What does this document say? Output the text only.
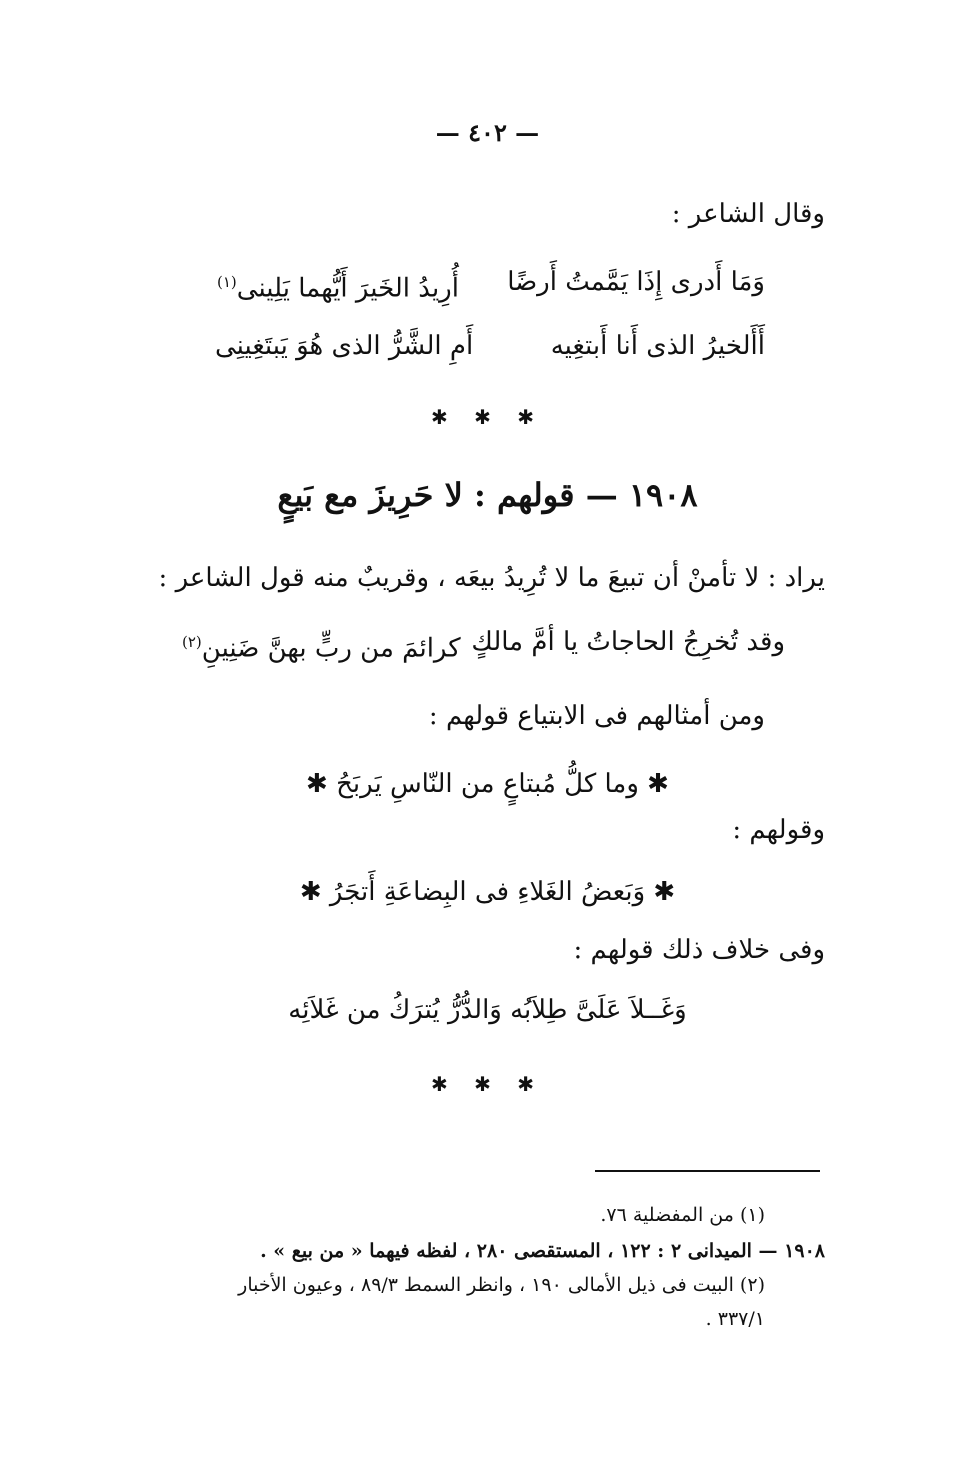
— ٤٠٢ —
وقال الشاعر :
وَمَا أَدرى إِذَا يَمَّمتُ أَرضًا
أُرِيدُ الخَيرَ أَيُّهما يَلِينى$^{(١)}$
أَأَلخيرُ الذى أَنا أَبتغِيه
أَمِ الشَّرُّ الذى هُوَ يَبتَغِينِى
✱ ✱ ✱
١٩٠٨ — قولهم : لا حَرِيزَ مع بَيعٍ
يراد : لا تأمنْ أن تبيعَ ما لا تُرِيدُ بيعَه ، وقريبٌ منه قول الشاعر :
وقد تُخرِجُ الحاجاتُ يا أمَّ مالكٍ
كرائمَ من ربٍّ بهنَّ ضَنِينِ$^{(٢)}$
ومن أمثالهم فى الابتياع قولهم :
✱ وما كلُّ مُبتاعٍ من النّاسِ يَربَحُ ✱
وقولهم :
✱ وَبَعضُ الغَلاءِ فى البِضاعَةِ أَتجَرُ ✱
وفى خلاف ذلك قولهم :
وَغَــلاَ عَلَىَّ طِلاَبُه وَالدُّرُّ يُترَكُ من غَلاَئِه
✱ ✱ ✱
(١) من المفضلية ٧٦.
١٩٠٨ — الميدانى ٢ : ١٢٢ ، المستقصى ٢٨٠ ، لفظه فيهما « من بيع » .
(٢) البيت فى ذيل الأمالى ١٩٠ ، وانظر السمط ٨٩/٣ ، وعيون الأخبار
٣٣٧/١ .
